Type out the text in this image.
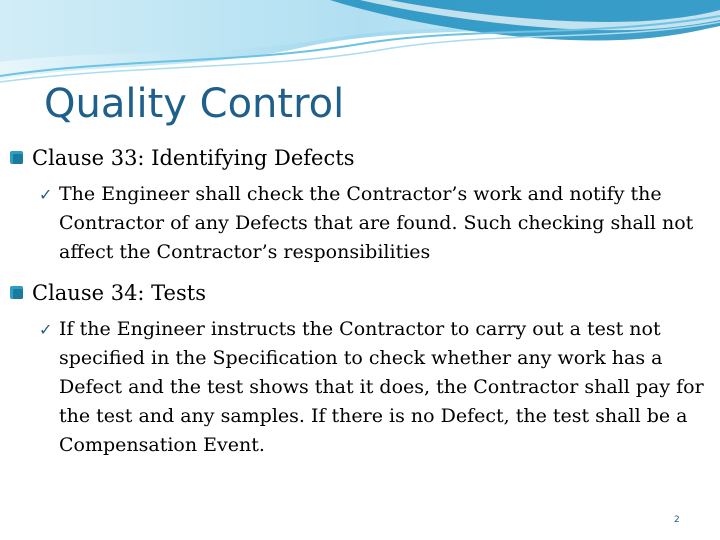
Quality Control
Clause 33: Identifying Defects
✓ The Engineer shall check the Contractor’s work and notify the Contractor of any Defects that are found. Such checking shall not affect the Contractor’s responsibilities
Clause 34: Tests
✓ If the Engineer instructs the Contractor to carry out a test not specified in the Specification to check whether any work has a Defect and the test shows that it does, the Contractor shall pay for the test and any samples. If there is no Defect, the test shall be a Compensation Event.
2
